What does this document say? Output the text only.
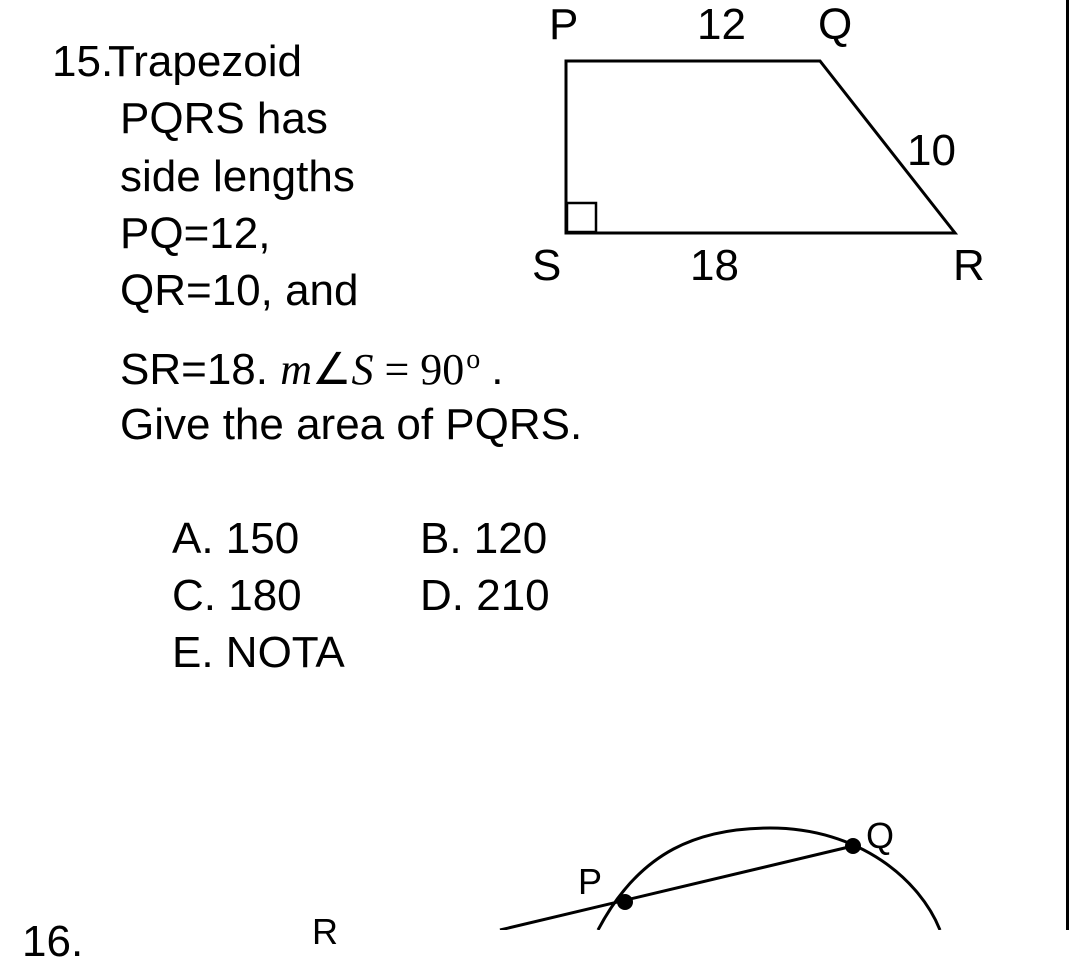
15.
Trapezoid
PQRS has
side lengths
PQ=12,
QR=10, and
SR=18. m∠S = $90^o$ .
Give the area of PQRS.
A. 150	B. 120
C. 180	D. 210
E. NOTA
P	12 Q
10
S	18	R
16.	R
P
Q
